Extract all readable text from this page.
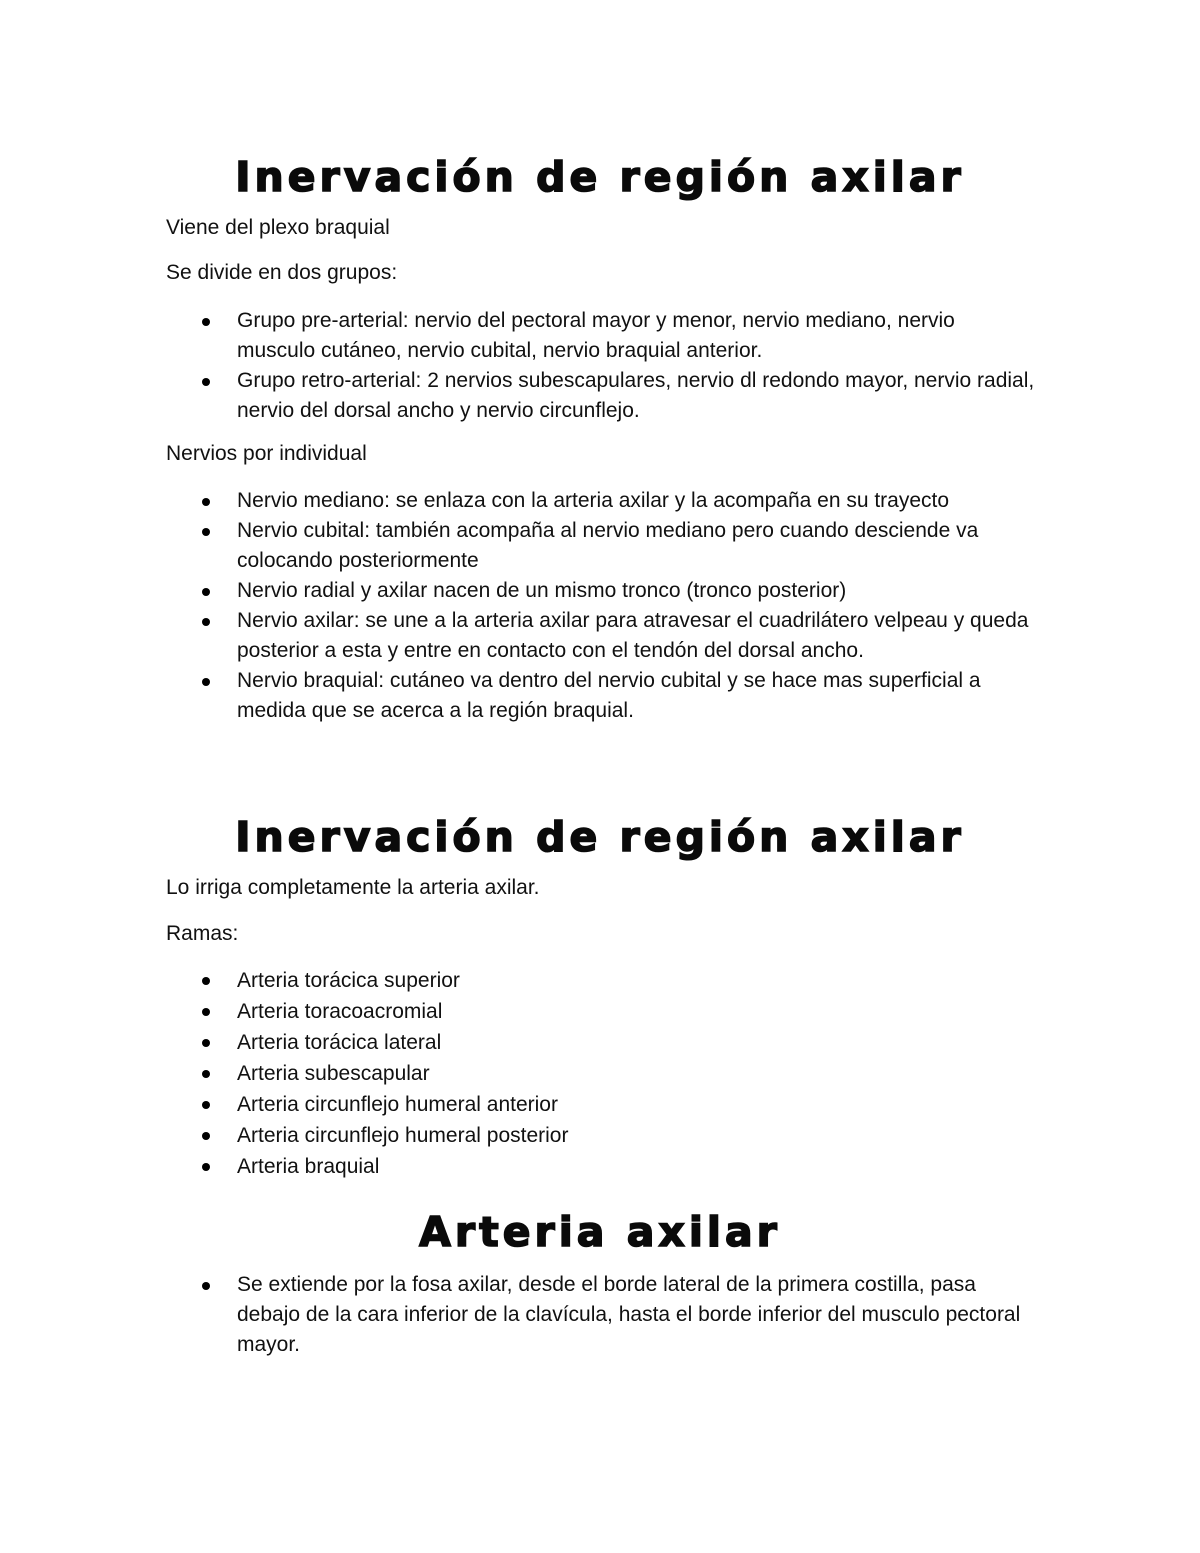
Inervación de región axilar

Viene del plexo braquial

Se divide en dos grupos:

Grupo pre-arterial: nervio del pectoral mayor y menor, nervio mediano, nervio musculo cutáneo, nervio cubital, nervio braquial anterior.
Grupo retro-arterial: 2 nervios subescapulares, nervio dl redondo mayor, nervio radial, nervio del dorsal ancho y nervio circunflejo.

Nervios por individual

Nervio mediano: se enlaza con la arteria axilar y la acompaña en su trayecto
Nervio cubital: también acompaña al nervio mediano pero cuando desciende va colocando posteriormente
Nervio radial y axilar nacen de un mismo tronco (tronco posterior)
Nervio axilar: se une a la arteria axilar para atravesar el cuadrilátero velpeau y queda posterior a esta y entre en contacto con el tendón del dorsal ancho.
Nervio braquial: cutáneo va dentro del nervio cubital y se hace mas superficial a medida que se acerca a la región braquial.
Inervación de región axilar

Lo irriga completamente la arteria axilar.

Ramas:

Arteria torácica superior
Arteria toracoacromial
Arteria torácica lateral
Arteria subescapular
Arteria circunflejo humeral anterior
Arteria circunflejo humeral posterior
Arteria braquial
Arteria axilar
Se extiende por la fosa axilar, desde el borde lateral de la primera costilla, pasa debajo de la cara inferior de la clavícula, hasta el borde inferior del musculo pectoral mayor.
